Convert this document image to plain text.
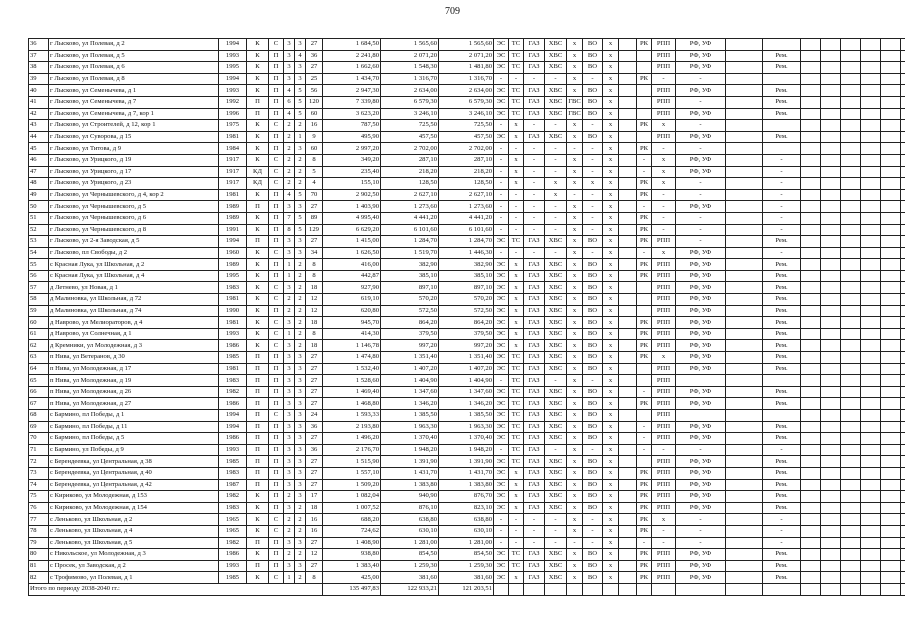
709
36	г Лысково, ул Полевая, д 2	1994	К	С	3	3	27	1 684,50	1 565,60	1 565,60	ЭС	ТС	ГАЗ	ХВС	х	ВО	х		РК	РПП	РФ, УФ								
37	г Лысково, ул Полевая, д 5	1993	К	П	3	4	36	2 241,80	2 071,20	2 071,20	ЭС	ТС	ГАЗ	ХВС	х	ВО	х			РПП	РФ, УФ		Рем.						
38	г Лысково, ул Полевая, д 6	1995	К	П	3	3	27	1 662,60	1 548,30	1 481,80	ЭС	ТС	ГАЗ	ХВС	х	ВО	х			РПП	РФ, УФ		Рем.						
39	г Лысково, ул Полевая, д 8	1994	К	П	3	3	25	1 434,70	1 316,70	1 316,70	-	-	-	-	х	-	х		РК	-	-								
40	г Лысково, ул Семенычева, д 1	1993	К	П	4	5	56	2 947,30	2 634,00	2 634,00	ЭС	ТС	ГАЗ	ХВС	х	ВО	х			РПП	РФ, УФ		Рем.						
41	г Лысково, ул Семенычева, д 7	1992	П	П	6	5	120	7 339,80	6 579,30	6 579,30	ЭС	ТС	ГАЗ	ХВС	ГВС	ВО	х			РПП	-		Рем.						
42	г Лысково, ул Семенычева, д 7, кор 1	1996	П	П	4	5	60	3 623,20	3 246,10	3 246,10	ЭС	ТС	ГАЗ	ХВС	ГВС	ВО	х			РПП	РФ, УФ		Рем.						
43	г Лысково, ул Строителей, д 12, кор 1	1975	К	С	2	2	16	787,50	725,50	725,50	-	х	-	-	х	-	х		РК	х	-								
44	г Лысково, ул Суворова, д 15	1981	К	П	2	1	9	495,90	457,50	457,50	ЭС	х	ГАЗ	ХВС	х	ВО	х			РПП	РФ, УФ		Рем.						
45	г Лысково, ул Титова, д 9	1984	К	П	2	3	60	2 997,20	2 702,00	2 702,00	-	-	-	-	-	-	х		РК	-	-								
46	г Лысково, ул Урицкого, д 19	1917	К	С	2	2	8	349,20	287,10	287,10	-	х	-	-	х	-	х		-	х	РФ, УФ		-						
47	г Лысково, ул Урицкого, д 17	1917	КД	С	2	2	5	235,40	218,20	218,20	-	х	-	-	х	-	х		-	х	РФ, УФ		-						
48	г Лысково, ул Урицкого, д 23	1917	КД	С	2	2	4	155,10	128,50	128,50	-	х	-	х	х	х	х		РК	х	-		-						
49	г Лысково, ул Чернышевского, д 4, кор 2	1981	К	П	4	5	70	2 902,50	2 627,10	2 627,10	-	-	-	х	-	-	х		РК	-	-		-						
50	г Лысково, ул Чернышевского, д 5	1989	П	П	3	3	27	1 403,90	1 273,60	1 273,60	-	-	-	-	х	-	х		-	-	РФ, УФ		-						
51	г Лысково, ул Чернышевского, д 6	1989	К	П	7	5	89	4 995,40	4 441,20	4 441,20	-	-	-	-	х	-	х		РК	-	-		-						
52	г Лысково, ул Чернышевского, д 8	1991	К	П	8	5	129	6 629,20	6 101,60	6 101,60	-	-	-	-	х	-	х		РК	-	-		-						
53	г Лысково, ул 2-я Заводская, д 5	1994	П	П	3	3	27	1 415,00	1 284,70	1 284,70	ЭС	ТС	ГАЗ	ХВС	х	ВО	х		РК	РПП	-		Рем.						
54	г Лысково, пл Свободы, д 2	1960	К	С	3	3	34	1 626,50	1 519,70	1 446,30	-	-	-	-	х	-	х		-	х	РФ, УФ		-						
55	с Красная Лука, ул Школьная, д 2	1989	К	П	1	2	8	416,00	382,90	382,90	ЭС	х	ГАЗ	ХВС	х	ВО	х		РК	РПП	РФ, УФ		Рем.						
56	с Красная Лука, ул Школьная, д 4	1995	К	П	1	2	8	442,87	385,10	385,10	ЭС	х	ГАЗ	ХВС	х	ВО	х		РК	РПП	РФ, УФ		Рем.						
57	д Летнево, ул Новая, д 1	1983	К	С	3	2	18	927,90	897,10	897,10	ЭС	х	ГАЗ	ХВС	х	ВО	х			РПП	РФ, УФ		Рем.						
58	д Малиновка, ул Школьная, д 72	1981	К	С	2	2	12	619,10	570,20	570,20	ЭС	х	ГАЗ	ХВС	х	ВО	х			РПП	РФ, УФ		Рем.						
59	д Малиновка, ул Школьная, д 74	1990	К	П	2	2	12	620,80	572,50	572,50	ЭС	х	ГАЗ	ХВС	х	ВО	х			РПП	РФ, УФ		Рем.						
60	д Наврово, ул Мелиораторов, д 4	1981	К	С	3	2	18	945,70	864,20	864,20	ЭС	х	ГАЗ	ХВС	х	ВО	х		РК	РПП	РФ, УФ		Рем.						
61	д Наврово, ул Солнечная, д 1	1993	К	С	1	2	8	414,30	379,50	379,50	ЭС	х	ГАЗ	ХВС	х	ВО	х		РК	РПП	РФ, УФ		Рем.						
62	д Кремники, ул Молодежная, д 3	1986	К	С	3	2	18	1 146,78	997,20	997,20	ЭС	х	ГАЗ	ХВС	х	ВО	х		РК	РПП	РФ, УФ		Рем.						
63	п Нива, ул Ветеранов, д 30	1985	П	П	3	3	27	1 474,80	1 351,40	1 351,40	ЭС	ТС	ГАЗ	ХВС	х	ВО	х		РК	х	РФ, УФ		Рем.						
64	п Нива, ул Молодежная, д 17	1981	П	П	3	3	27	1 532,40	1 407,20	1 407,20	ЭС	ТС	ГАЗ	ХВС	х	ВО	х			РПП	РФ, УФ		Рем.						
65	п Нива, ул Молодежная, д 19	1983	П	П	3	3	27	1 528,60	1 404,90	1 404,90	-	ТС	ГАЗ	-	х	-	х			РПП									
66	п Нива, ул Молодежная, д 26	1982	П	П	3	3	27	1 469,40	1 347,60	1 347,60	ЭС	ТС	ГАЗ	ХВС	х	ВО	х		-	РПП	РФ, УФ		Рем.						
67	п Нива, ул Молодежная, д 27	1986	П	П	3	3	27	1 468,80	1 346,20	1 346,20	ЭС	ТС	ГАЗ	ХВС	х	ВО	х		РК	РПП	РФ, УФ		Рем.						
68	с Бармино, пл Победы, д 1	1994	П	С	3	3	24	1 593,33	1 385,50	1 385,50	ЭС	ТС	ГАЗ	ХВС	х	ВО	х			РПП									
69	с Бармино, пл Победы, д 11	1994	П	П	3	3	36	2 193,80	1 963,30	1 963,30	ЭС	ТС	ГАЗ	ХВС	х	ВО	х		-	РПП	РФ, УФ		Рем.						
70	с Бармино, пл Победы, д 5	1986	П	П	3	3	27	1 496,20	1 370,40	1 370,40	ЭС	ТС	ГАЗ	ХВС	х	ВО	х		-	РПП	РФ, УФ		Рем.						
71	с Бармино, ул Победы, д 9	1993	П	П	3	3	36	2 176,70	1 948,20	1 948,20	-	ТС	ГАЗ	-	х	-	х		-	-	-		-						
72	с Берендеевка, ул Центральная, д 38	1985	П	П	3	3	27	1 515,90	1 391,90	1 391,90	ЭС	ТС	ГАЗ	ХВС	х	ВО	х			РПП	РФ, УФ		Рем.						
73	с Берендеевка, ул Центральная, д 40	1983	П	П	3	3	27	1 557,10	1 431,70	1 431,70	ЭС	х	ГАЗ	ХВС	х	ВО	х		РК	РПП	РФ, УФ		Рем.						
74	с Берендеевка, ул Центральная, д 42	1987	П	П	3	3	27	1 509,20	1 383,80	1 383,80	ЭС	х	ГАЗ	ХВС	х	ВО	х		РК	РПП	РФ, УФ		Рем.						
75	с Кириково, ул Молодежная, д 153	1982	К	П	2	3	17	1 082,04	940,90	876,70	ЭС	х	ГАЗ	ХВС	х	ВО	х		РК	РПП	РФ, УФ		Рем.						
76	с Кириково, ул Молодежная, д 154	1983	К	П	3	2	18	1 007,52	876,10	823,10	ЭС	х	ГАЗ	ХВС	х	ВО	х		РК	РПП	РФ, УФ		Рем.						
77	с Леньково, ул Школьная, д 2	1965	К	С	2	2	16	688,20	638,80	638,80	-	-	-	-	х	-	х		РК	х	-		-						
78	с Леньково, ул Школьная, д 4	1965	К	С	2	2	16	724,62	630,10	630,10	-	-	-	-	х	-	х		РК	-	-		-						
79	с Леньково, ул Школьная, д 5	1982	П	П	3	3	27	1 408,90	1 281,00	1 281,00	-	-	-	-	-	-	х		-	-	-		-						
80	с Никольское, ул Молодежная, д 3	1986	К	П	2	2	12	938,80	854,50	854,50	ЭС	ТС	ГАЗ	ХВС	х	ВО	х		РК	РПП	РФ, УФ		Рем.						
81	с Просек, ул Заводская, д 2	1993	П	П	3	3	27	1 383,40	1 259,30	1 259,30	ЭС	ТС	ГАЗ	ХВС	х	ВО	х		РК	РПП	РФ, УФ		Рем.						
82	с Трофимово, ул Полевая, д 1	1985	К	С	1	2	8	425,00	381,60	381,60	ЭС	х	ГАЗ	ХВС	х	ВО	х		РК	РПП	РФ, УФ		Рем.						
Итого по периоду 2038-2040 гг.:								135 497,83	122 933,21	121 203,51																			
